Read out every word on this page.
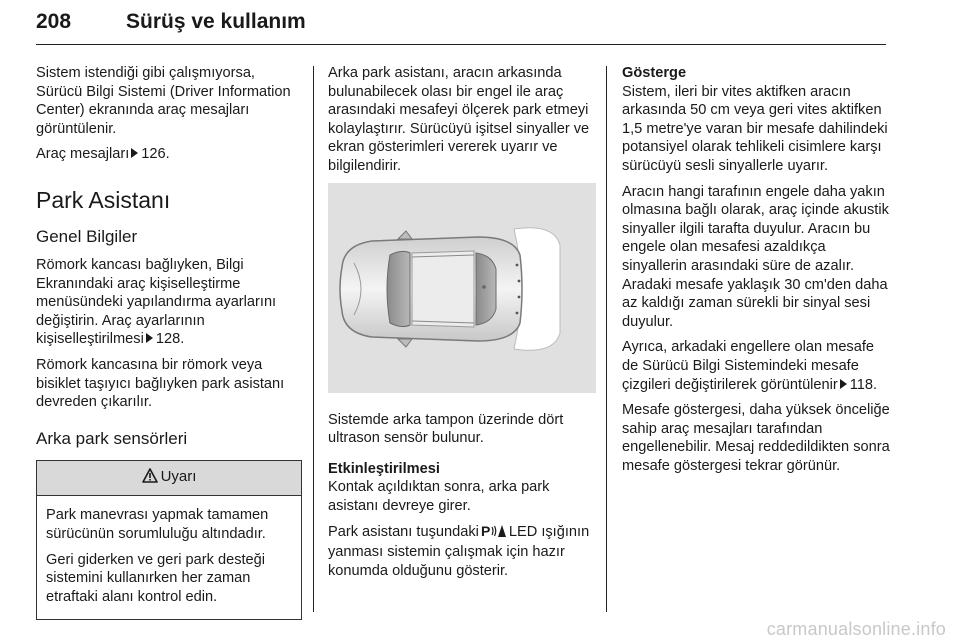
208	Sürüş ve kullanım

Sistem istendiği gibi çalışmıyorsa, Sürücü Bilgi Sistemi (Driver Information Center) ekranında araç mesajları görüntülenir.

Araç mesajları 126.

Park Asistanı
Genel Bilgiler

Römork kancası bağlıyken, Bilgi Ekranındaki araç kişiselleştirme menüsündeki yapılandırma ayarlarını değiştirin. Araç ayarlarının kişiselleştirilmesi 128.

Römork kancasına bir römork veya bisiklet taşıyıcı bağlıyken park asistanı devreden çıkarılır.

Arka park sensörleri
Uyarı

Park manevrası yapmak tamamen sürücünün sorumluluğu altındadır.

Geri giderken ve geri park desteği sistemini kullanırken her zaman etraftaki alanı kontrol edin.

Arka park asistanı, aracın arkasında bulunabilecek olası bir engel ile araç arasındaki mesafeyi ölçerek park etmeyi kolaylaştırır. Sürücüyü işitsel sinyaller ve ekran gösterimleri vererek uyarır ve bilgilendirir.

Sistemde arka tampon üzerinde dört ultrason sensör bulunur.

Etkinleştirilmesi

Kontak açıldıktan sonra, arka park asistanı devreye girer.

Park asistanı tuşundaki P LED ışığının yanması sistemin çalışmak için hazır konumda olduğunu gösterir.

Gösterge

Sistem, ileri bir vites aktifken aracın arkasında 50 cm veya geri vites aktifken 1,5 metre'ye varan bir mesafe dahilindeki potansiyel olarak tehlikeli cisimlere karşı sürücüyü sesli sinyallerle uyarır.

Aracın hangi tarafının engele daha yakın olmasına bağlı olarak, araç içinde akustik sinyaller ilgili tarafta duyulur. Aracın bu engele olan mesafesi azaldıkça sinyallerin arasındaki süre de azalır. Aradaki mesafe yaklaşık 30 cm'den daha az kaldığı zaman sürekli bir sinyal sesi duyulur.

Ayrıca, arkadaki engellere olan mesafe de Sürücü Bilgi Sistemindeki mesafe çizgileri değiştirilerek görüntülenir 118.

Mesafe göstergesi, daha yüksek önceliğe sahip araç mesajları tarafından engellenebilir. Mesaj reddedildikten sonra mesafe göstergesi tekrar görünür.

carmanualsonline.info
